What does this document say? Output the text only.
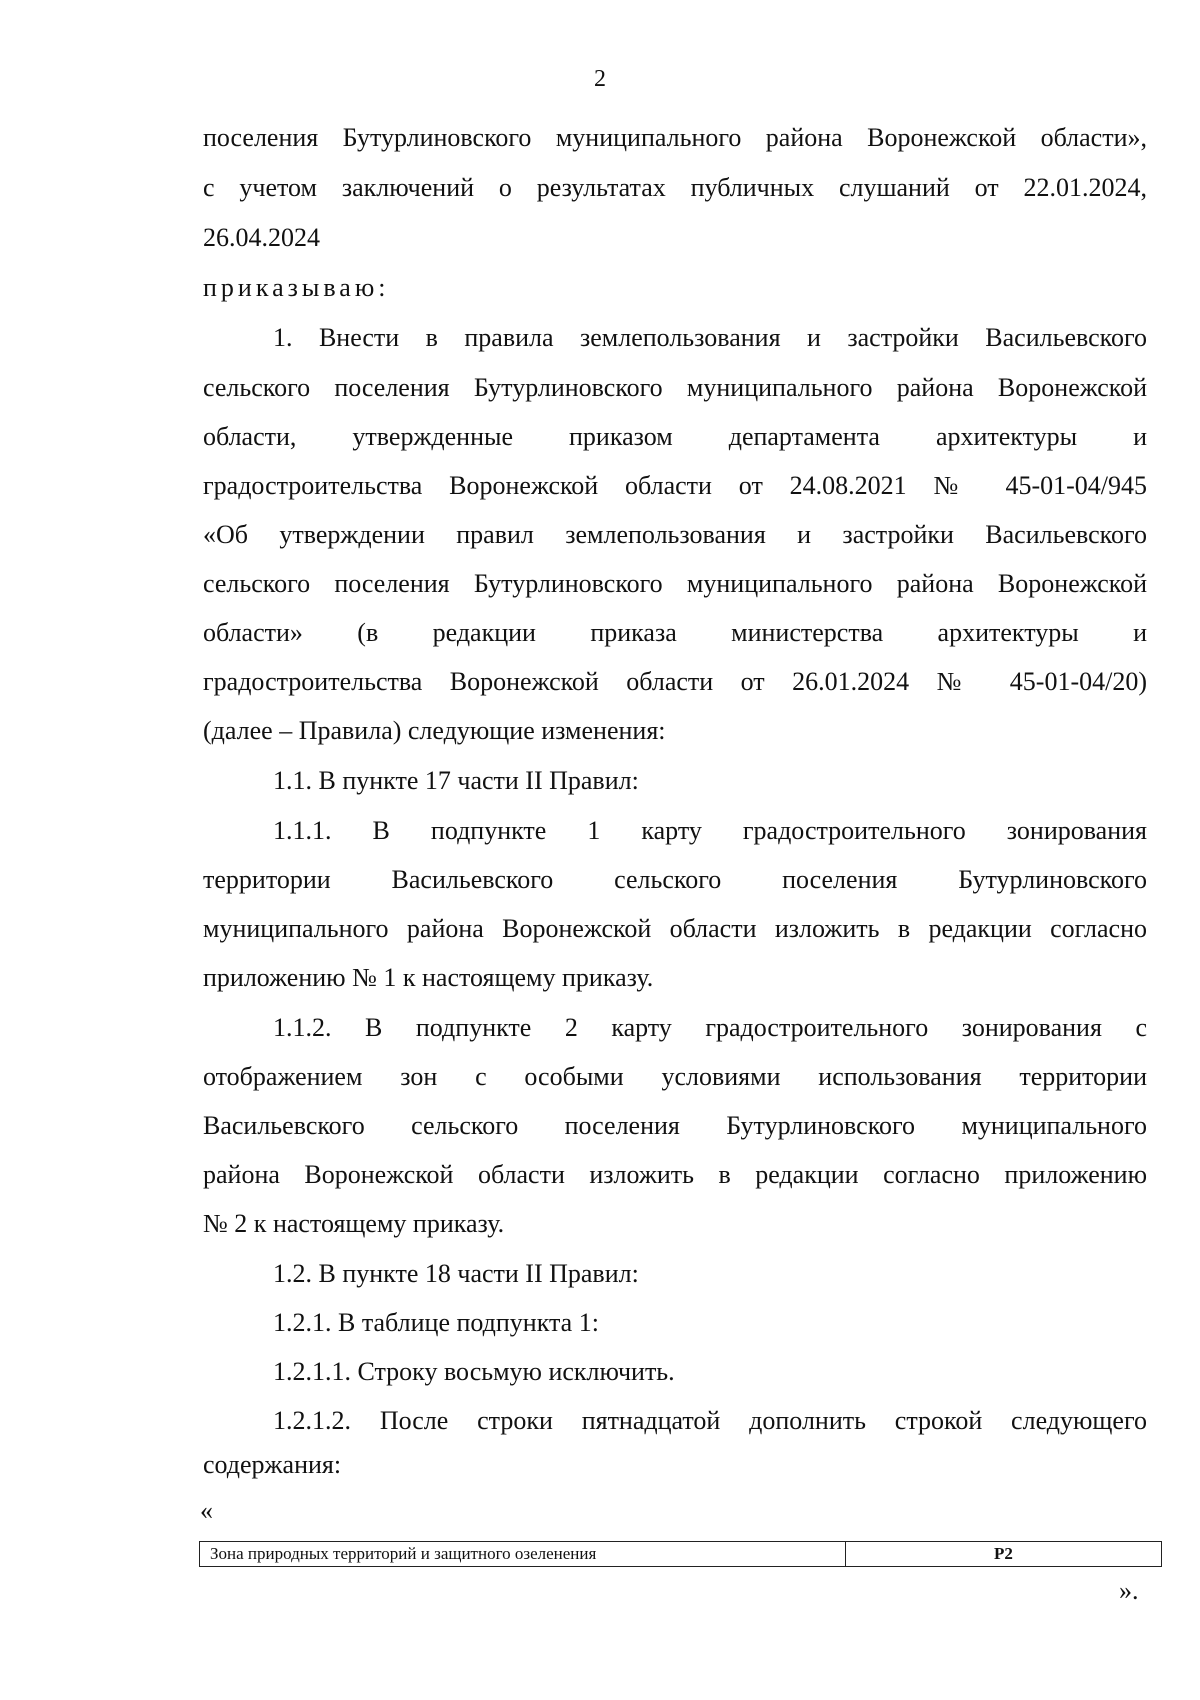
2
поселения Бутурлиновского муниципального района Воронежской области»,
с учетом заключений о результатах публичных слушаний от 22.01.2024,
26.04.2024
приказываю:
1. Внести в правила землепользования и застройки Васильевского
сельского поселения Бутурлиновского муниципального района Воронежской
области, утвержденные приказом департамента архитектуры и
градостроительства Воронежской области от 24.08.2021 № 45-01-04/945
«Об утверждении правил землепользования и застройки Васильевского
сельского поселения Бутурлиновского муниципального района Воронежской
области» (в редакции приказа министерства архитектуры и
градостроительства Воронежской области от 26.01.2024 № 45-01-04/20)
(далее – Правила) следующие изменения:
1.1. В пункте 17 части II Правил:
1.1.1. В подпункте 1 карту градостроительного зонирования
территории Васильевского сельского поселения Бутурлиновского
муниципального района Воронежской области изложить в редакции согласно
приложению № 1 к настоящему приказу.
1.1.2. В подпункте 2 карту градостроительного зонирования с
отображением зон с особыми условиями использования территории
Васильевского сельского поселения Бутурлиновского муниципального
района Воронежской области изложить в редакции согласно приложению
№ 2 к настоящему приказу.
1.2. В пункте 18 части II Правил:
1.2.1. В таблице подпункта 1:
1.2.1.1. Строку восьмую исключить.
1.2.1.2. После строки пятнадцатой дополнить строкой следующего
содержания:
«
Зона природных территорий и защитного озеленения	Р2
».
